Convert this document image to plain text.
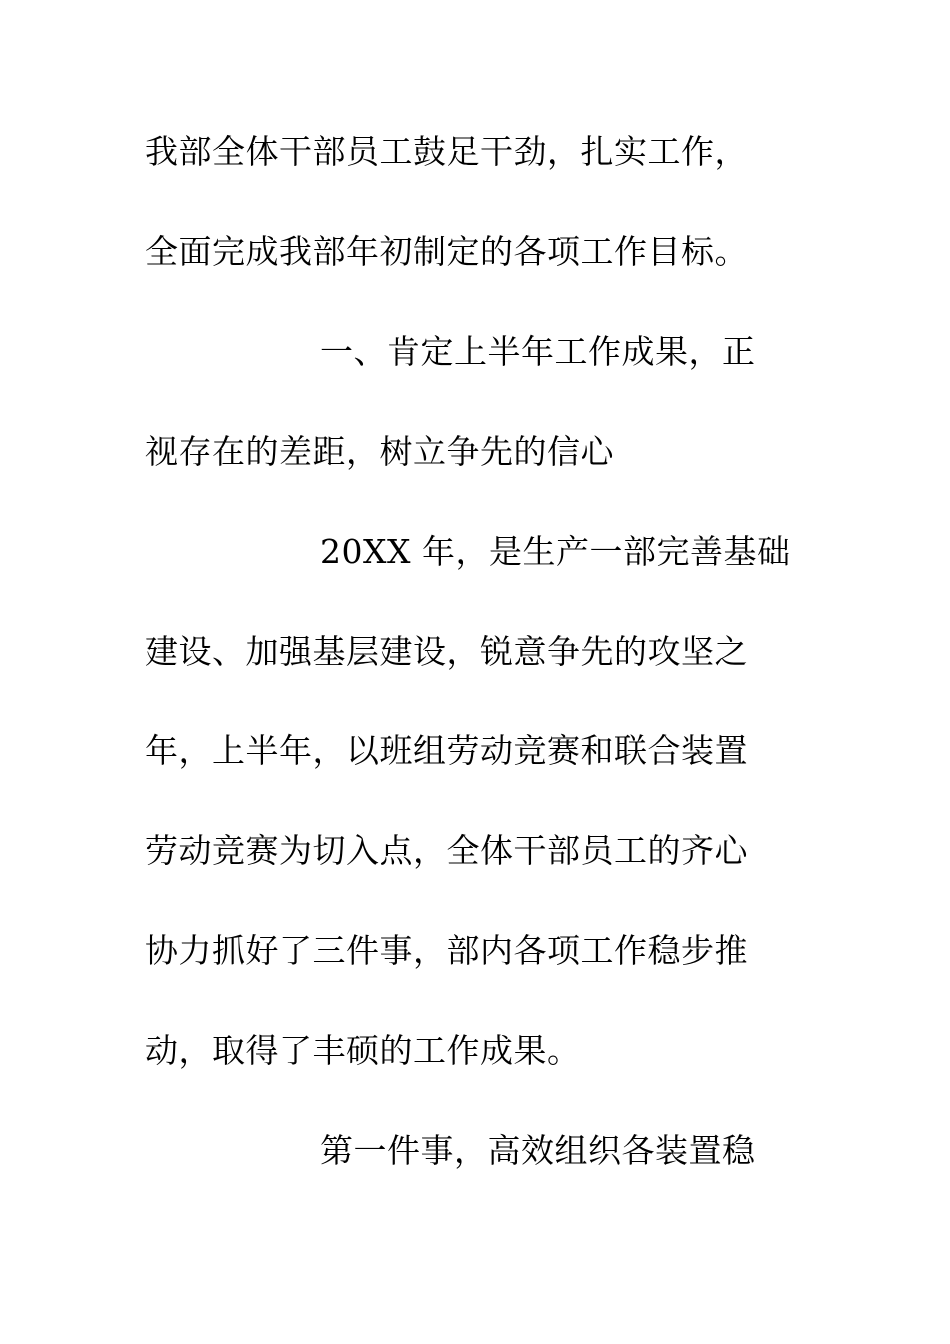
我部全体干部员工鼓足干劲，扎实工作，
全面完成我部年初制定的各项工作目标。
一、肯定上半年工作成果，正
视存在的差距，树立争先的信心
20XX 年，是生产一部完善基础
建设、加强基层建设，锐意争先的攻坚之
年，上半年，以班组劳动竞赛和联合装置
劳动竞赛为切入点，全体干部员工的齐心
协力抓好了三件事，部内各项工作稳步推
动，取得了丰硕的工作成果。
第一件事，高效组织各装置稳
